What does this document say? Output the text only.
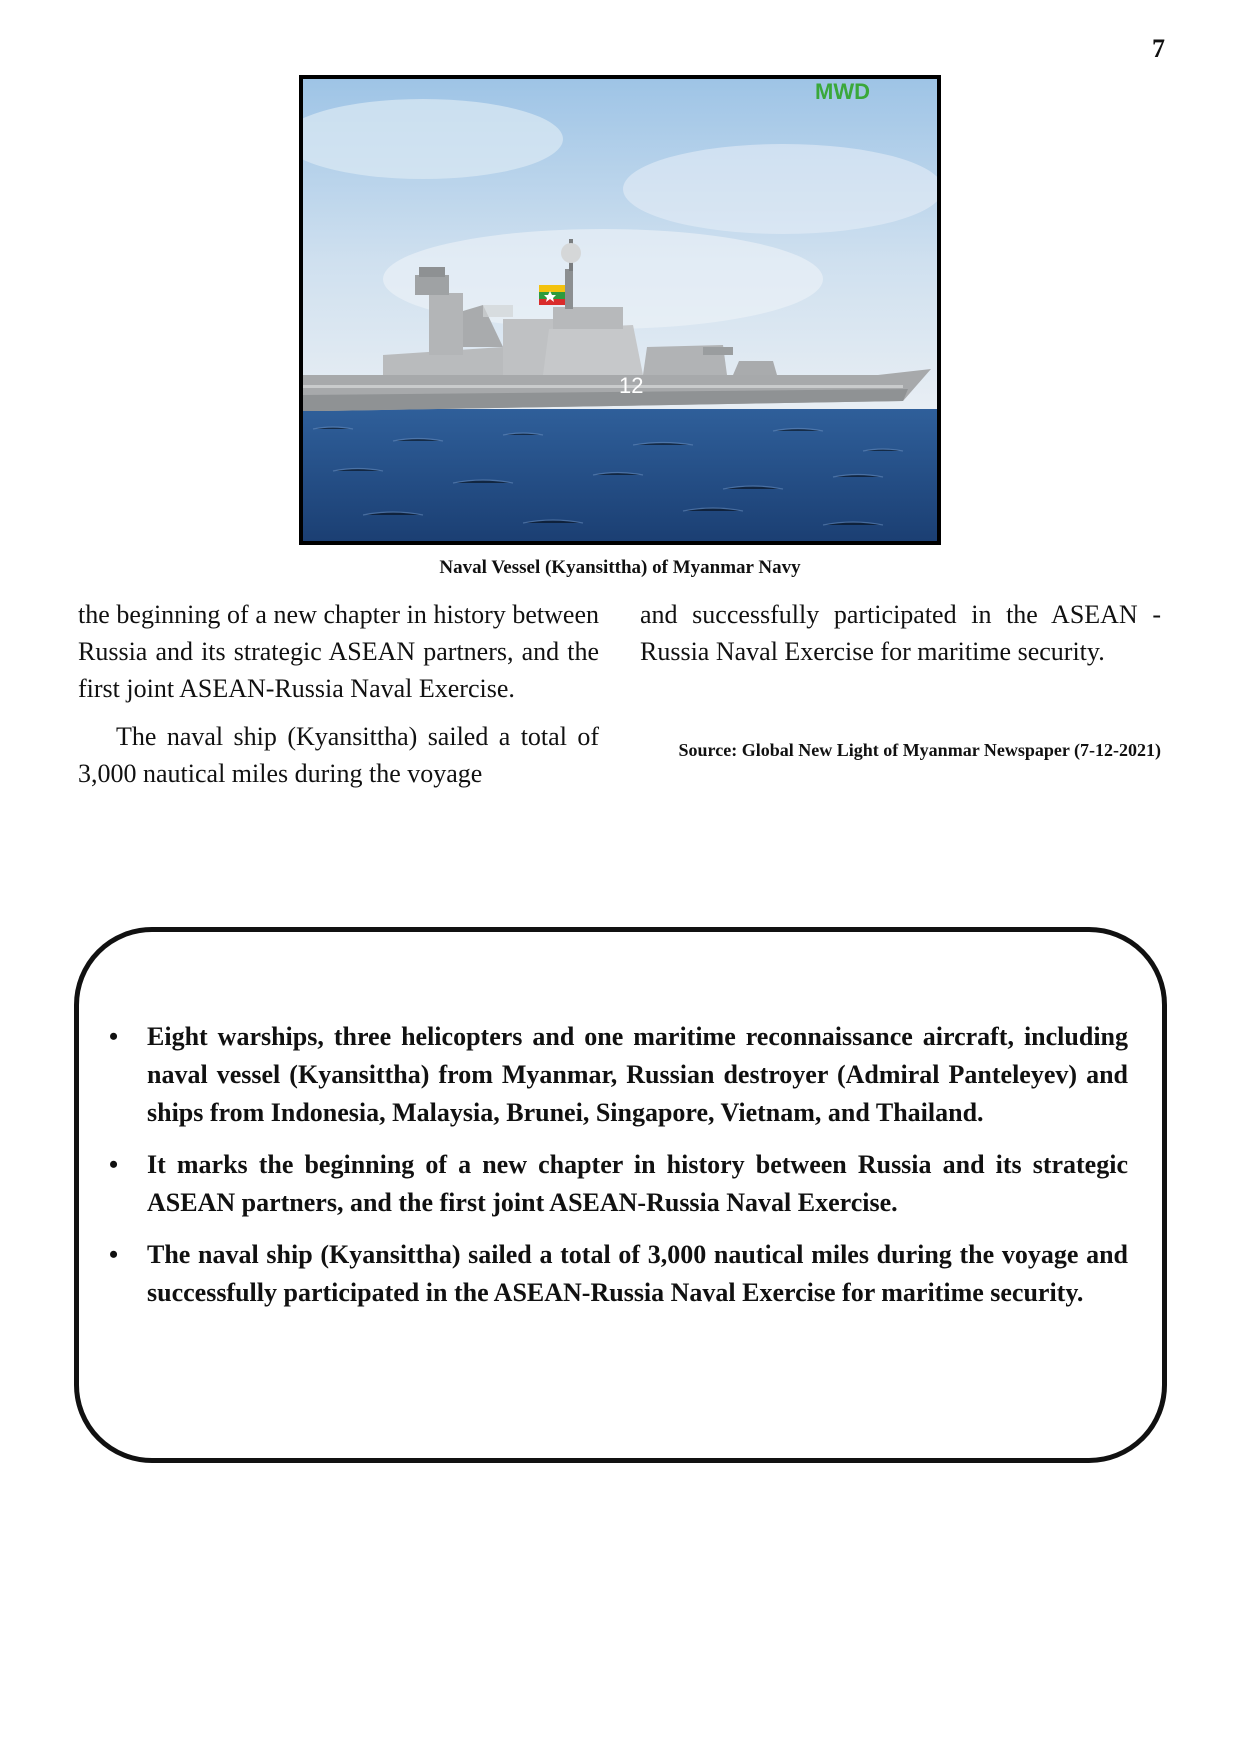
7
12
MWD
Naval Vessel (Kyansittha) of Myanmar Navy

the beginning of a new chapter in history between Russia and its strategic ASEAN partners, and the first joint ASEAN-Russia Naval Exercise.

The naval ship (Kyansittha) sailed a total of 3,000 nautical miles during the voyage

and successfully participated in the ASEAN -Russia Naval Exercise for maritime security.

Source: Global New Light of Myanmar Newspaper (7-12-2021)
• Eight warships, three helicopters and one maritime reconnaissance aircraft, including naval vessel (Kyansittha) from Myanmar, Russian destroyer (Admiral Panteleyev) and ships from Indonesia, Malaysia, Brunei, Singapore, Vietnam, and Thailand.
• It marks the beginning of a new chapter in history between Russia and its strategic ASEAN partners, and the first joint ASEAN-Russia Naval Exercise.
• The naval ship (Kyansittha) sailed a total of 3,000 nautical miles during the voyage and successfully participated in the ASEAN-Russia Naval Exercise for maritime security.
